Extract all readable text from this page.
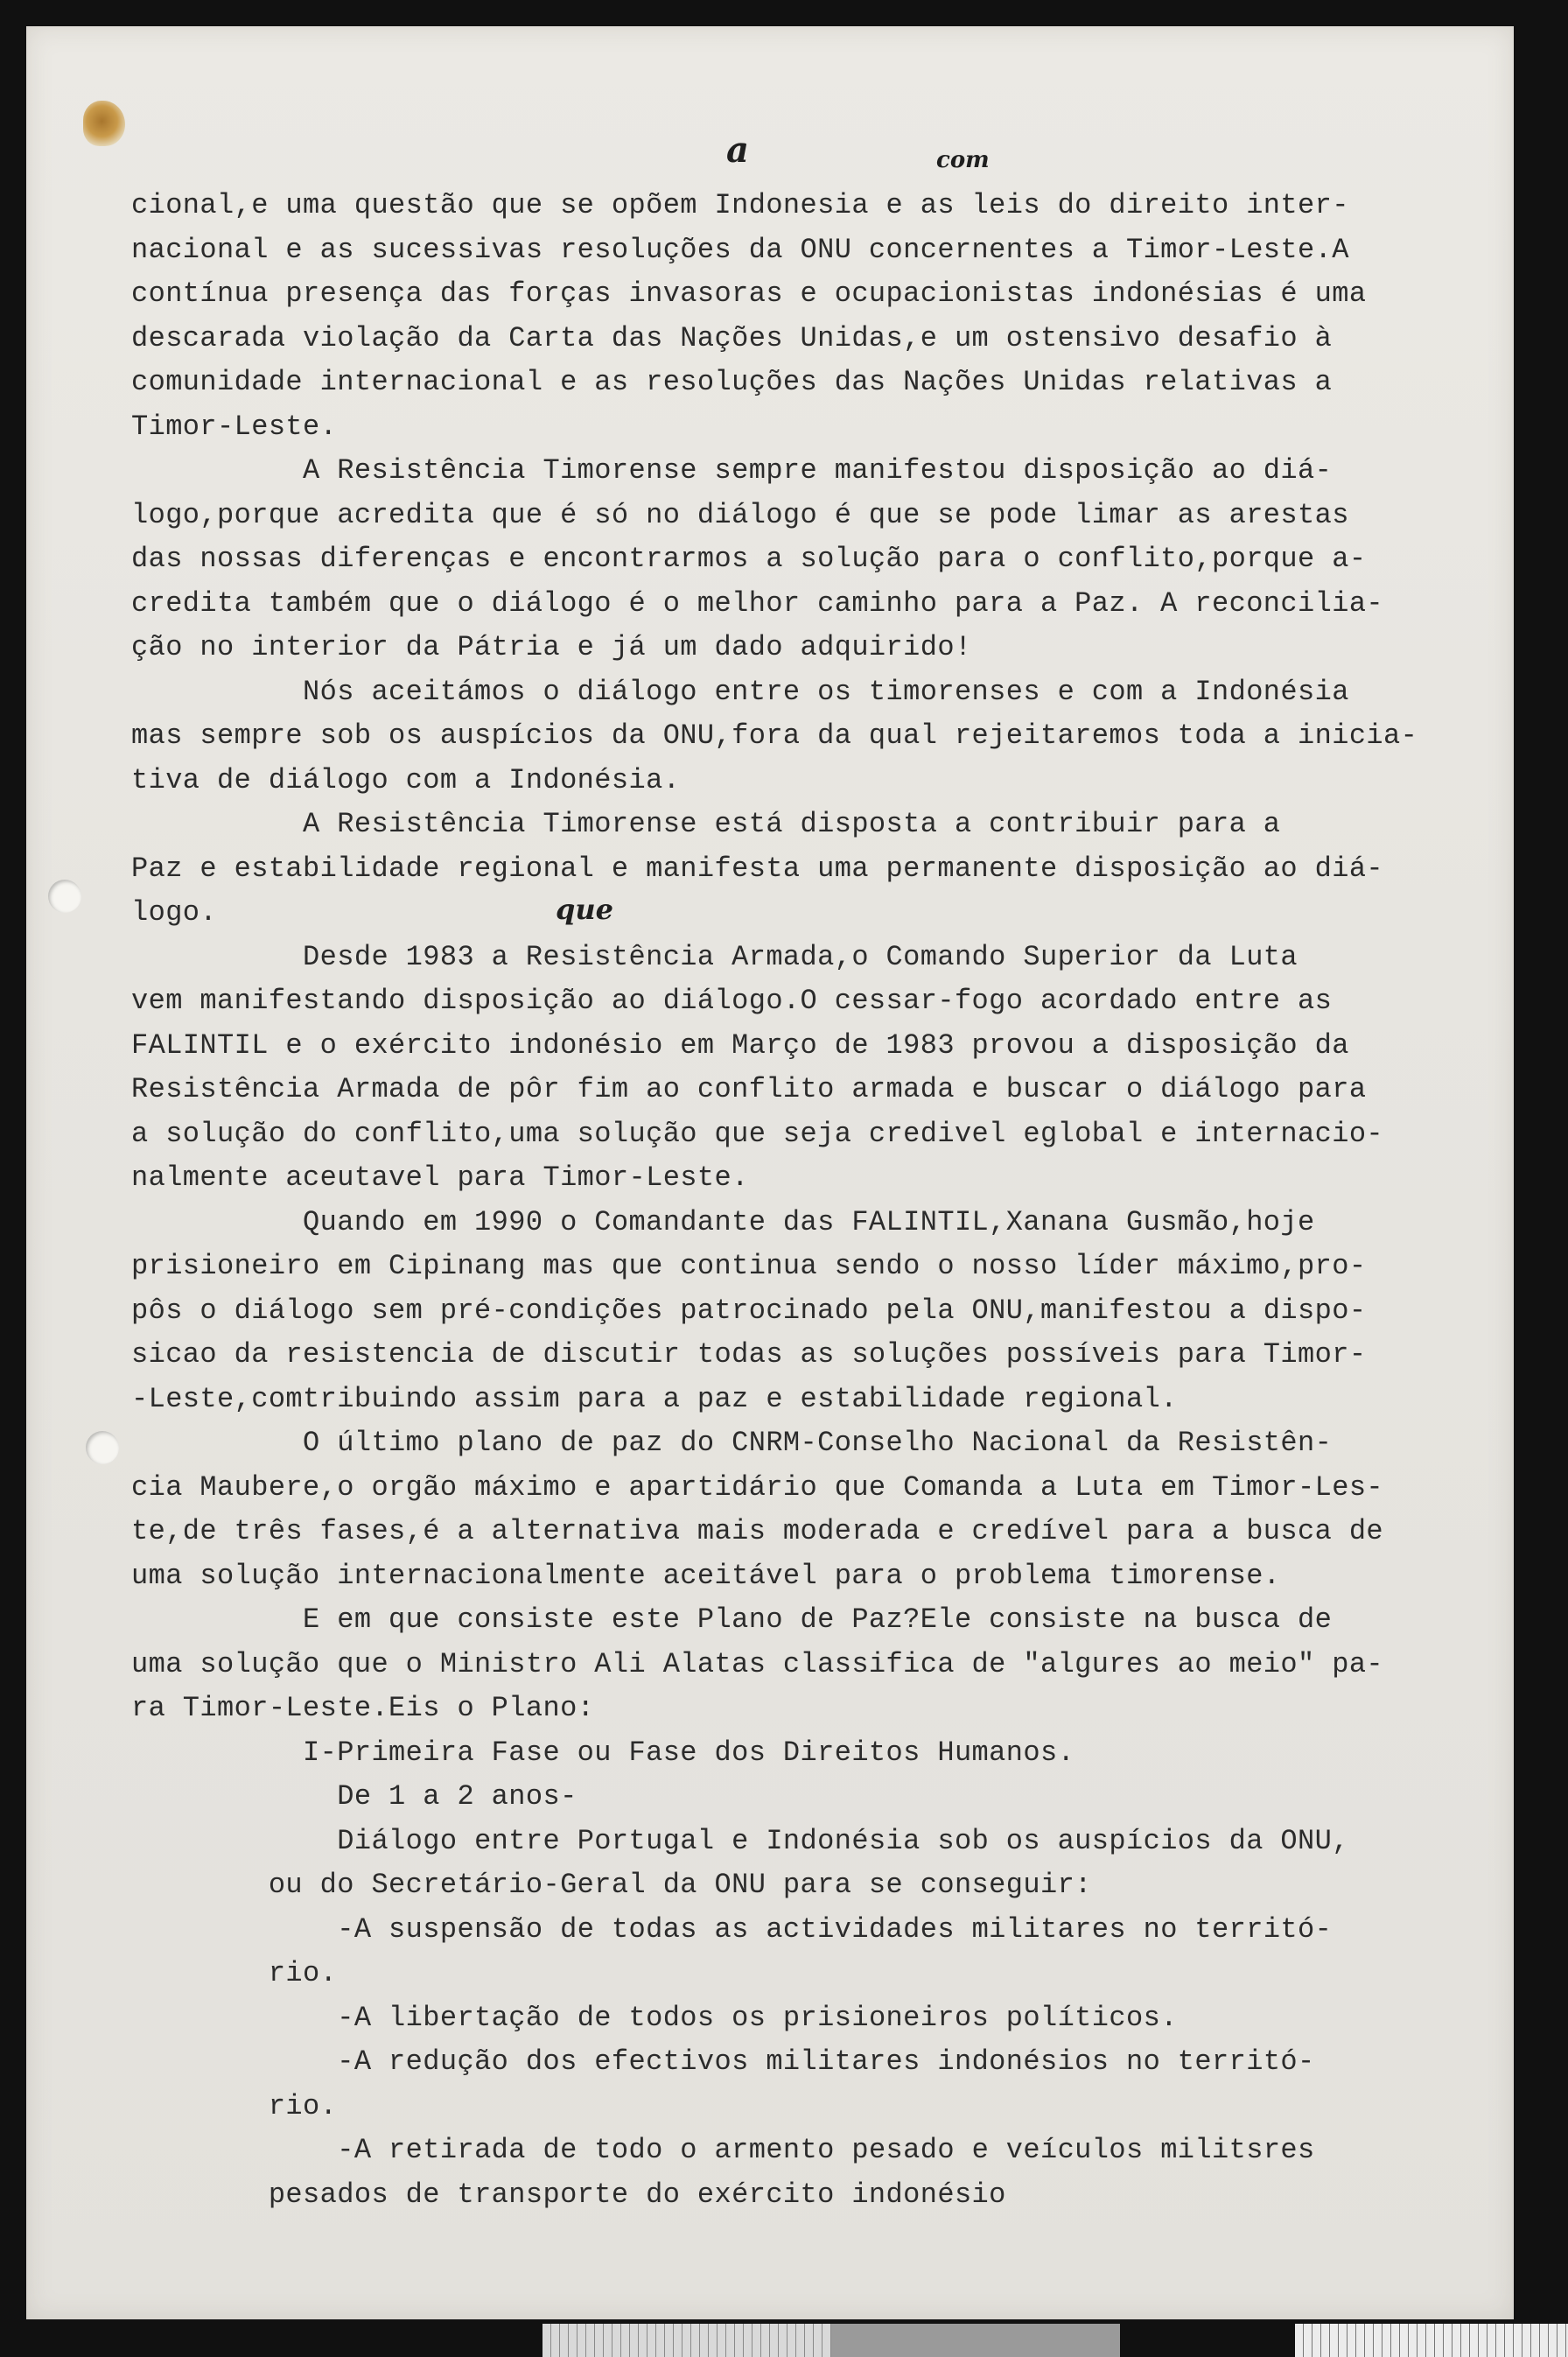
a	com
que

cional,e uma questão que se opõem Indonesia e as leis do direito inter-

nacional e as sucessivas resoluções da ONU concernentes a Timor-Leste.A

contínua presença das forças invasoras e ocupacionistas indonésias é uma

descarada violação da Carta das Nações Unidas,e um ostensivo desafio à

comunidade internacional e as resoluções das Nações Unidas relativas a

Timor-Leste.

A Resistência Timorense sempre manifestou disposição ao diá-

logo,porque acredita que é só no diálogo é que se pode limar as arestas

das nossas diferenças e encontrarmos a solução para o conflito,porque a-

credita também que o diálogo é o melhor caminho para a Paz. A reconcilia-

ção no interior da Pátria e já um dado adquirido!

Nós aceitámos o diálogo entre os timorenses e com a Indonésia

mas sempre sob os auspícios da ONU,fora da qual rejeitaremos toda a inicia-

tiva de diálogo com a Indonésia.

A Resistência Timorense está disposta a contribuir para a

Paz e estabilidade regional e manifesta uma permanente disposição ao diá-

logo.

Desde 1983 a Resistência Armada,o Comando Superior da Luta

vem manifestando disposição ao diálogo.O cessar-fogo acordado entre as

FALINTIL e o exército indonésio em Março de 1983 provou a disposição da

Resistência Armada de pôr fim ao conflito armada e buscar o diálogo para

a solução do conflito,uma solução que seja credivel eglobal e internacio-

nalmente aceutavel para Timor-Leste.

Quando em 1990 o Comandante das FALINTIL,Xanana Gusmão,hoje

prisioneiro em Cipinang mas que continua sendo o nosso líder máximo,pro-

pôs o diálogo sem pré-condições patrocinado pela ONU,manifestou a dispo-

sicao da resistencia de discutir todas as soluções possíveis para Timor-

-Leste,comtribuindo assim para a paz e estabilidade regional.

O último plano de paz do CNRM-Conselho Nacional da Resistên-

cia Maubere,o orgão máximo e apartidário que Comanda a Luta em Timor-Les-

te,de três fases,é a alternativa mais moderada e credível para a busca de

uma solução internacionalmente aceitável para o problema timorense.

E em que consiste este Plano de Paz?Ele consiste na busca de

uma solução que o Ministro Ali Alatas classifica de "algures ao meio" pa-

ra Timor-Leste.Eis o Plano:

I-Primeira Fase ou Fase dos Direitos Humanos.

De 1 a 2 anos-

Diálogo entre Portugal e Indonésia sob os auspícios da ONU,

ou do Secretário-Geral da ONU para se conseguir:

-A suspensão de todas as actividades militares no territó-

rio.

-A libertação de todos os prisioneiros políticos.

-A redução dos efectivos militares indonésios no territó-

rio.

-A retirada de todo o armento pesado e veículos militsres

pesados de transporte do exército indonésio
